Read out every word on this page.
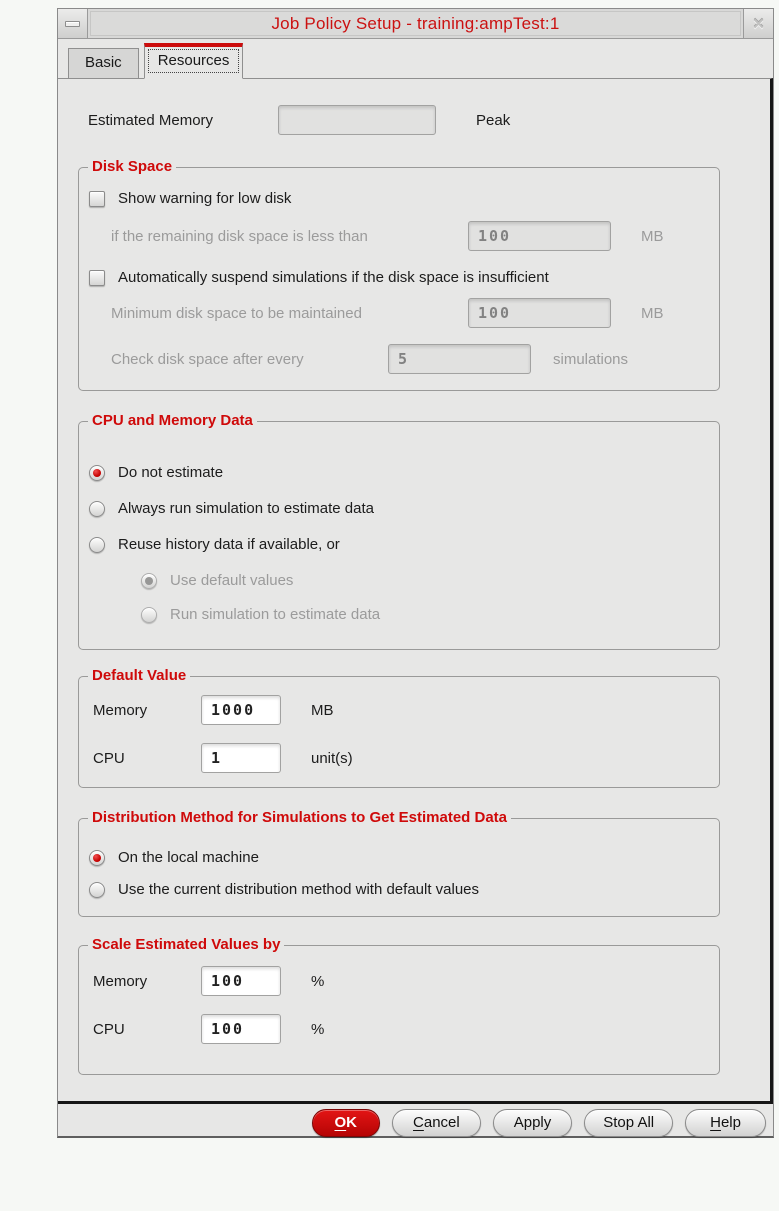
Job Policy Setup - training:ampTest:1	✕
Basic	Resources
Estimated Memory	Peak
Disk Space
Show warning for low disk
if the remaining disk space is less than
100	MB
Automatically suspend simulations if the disk space is insufficient
Minimum disk space to be maintained
100	MB
Check disk space after every
5	simulations
CPU and Memory Data
Do not estimate
Always run simulation to estimate data
Reuse history data if available, or
Use default values
Run simulation to estimate data
Default Value
Memory
1000	MB
CPU
1	unit(s)
Distribution Method for Simulations to Get Estimated Data
On the local machine
Use the current distribution method with default values
Scale Estimated Values by
Memory
100	%
CPU
100	%
O K	C ancel	Apply	Stop All	H elp
